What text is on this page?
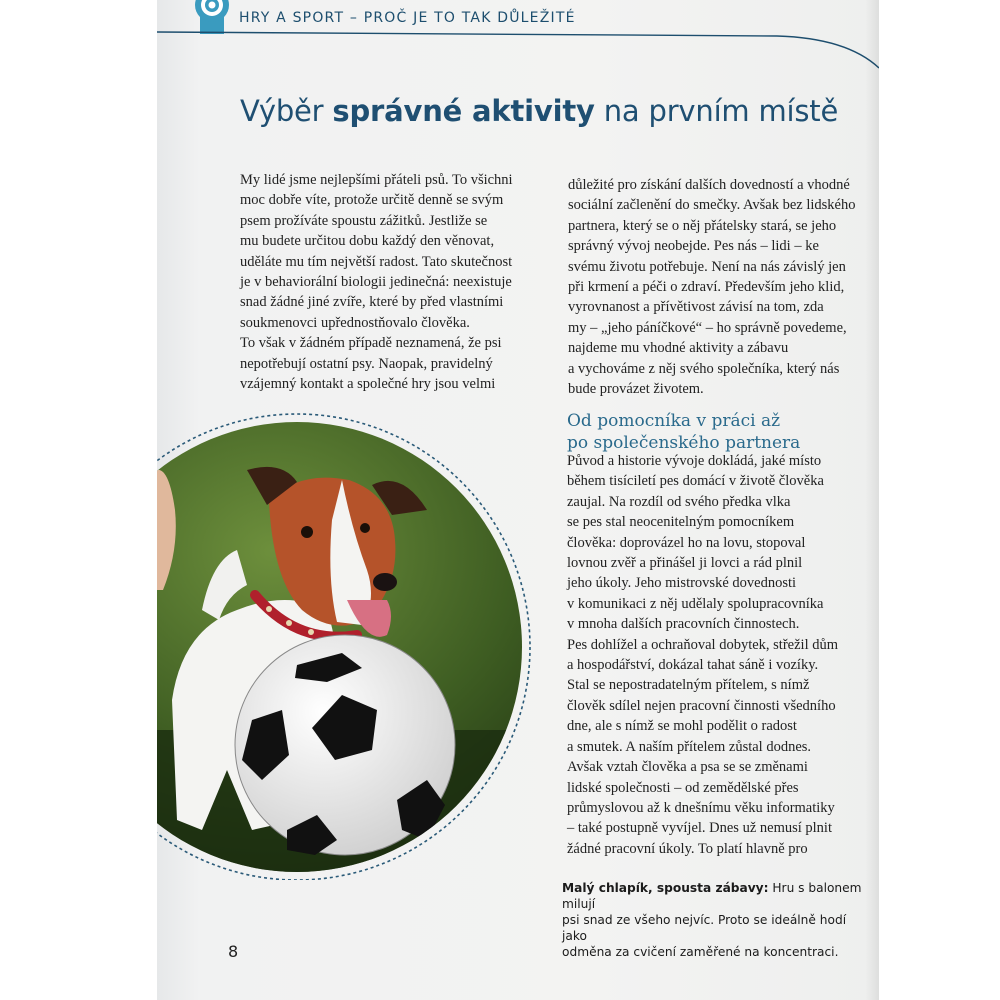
HRY A SPORT – PROČ JE TO TAK DŮLEŽITÉ
Výběr správné aktivity na prvním místě

My lidé jsme nejlepšími přáteli psů. To všichni
moc dobře víte, protože určitě denně se svým
psem prožíváte spoustu zážitků. Jestliže se
mu budete určitou dobu každý den věnovat,
uděláte mu tím největší radost. Tato skutečnost
je v behaviorální biologii jedinečná: neexistuje
snad žádné jiné zvíře, které by před vlastními
soukmenovci upřednostňovalo člověka.

To však v žádném případě neznamená, že psi
nepotřebují ostatní psy. Naopak, pravidelný
vzájemný kontakt a společné hry jsou velmi

důležité pro získání dalších dovedností a vhodné
sociální začlenění do smečky. Avšak bez lidského
partnera, který se o něj přátelsky stará, se jeho
správný vývoj neobejde. Pes nás – lidi – ke
svému životu potřebuje. Není na nás závislý jen
při krmení a péči o zdraví. Především jeho klid,
vyrovnanost a přívětivost závisí na tom, zda
my – „jeho páníčkové“ – ho správně povedeme,
najdeme mu vhodné aktivity a zábavu
a vychováme z něj svého společníka, který nás
bude provázet životem.

Od pomocníka v práci až
po společenského partnera

Původ a historie vývoje dokládá, jaké místo
během tisíciletí pes domácí v životě člověka
zaujal. Na rozdíl od svého předka vlka
se pes stal neocenitelným pomocníkem
člověka: doprovázel ho na lovu, stopoval
lovnou zvěř a přinášel ji lovci a rád plnil
jeho úkoly. Jeho mistrovské dovednosti
v komunikaci z něj udělaly spolupracovníka
v mnoha dalších pracovních činnostech.
Pes dohlížel a ochraňoval dobytek, střežil dům
a hospodářství, dokázal tahat sáně i vozíky.
Stal se nepostradatelným přítelem, s nímž
člověk sdílel nejen pracovní činnosti všedního
dne, ale s nímž se mohl podělit o radost
a smutek. A naším přítelem zůstal dodnes.
Avšak vztah člověka a psa se se změnami
lidské společnosti – od zemědělské přes
průmyslovou až k dnešnímu věku informatiky
– také postupně vyvíjel. Dnes už nemusí plnit
žádné pracovní úkoly. To platí hlavně pro

Malý chlapík, spousta zábavy: Hru s balonem milují
psi snad ze všeho nejvíc. Proto se ideálně hodí jako
odměna za cvičení zaměřené na koncentraci.
8
